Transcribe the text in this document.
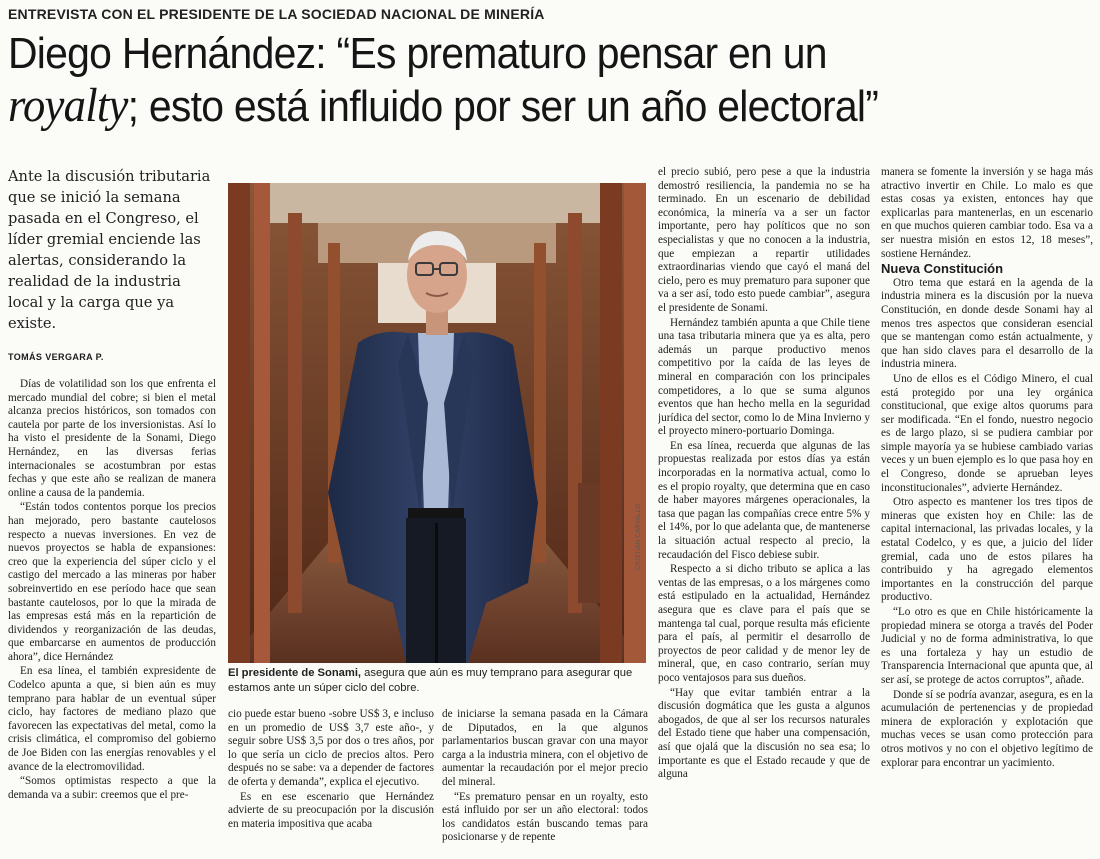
ENTREVISTA CON EL PRESIDENTE DE LA SOCIEDAD NACIONAL DE MINERÍA
Diego Hernández: “Es prematuro pensar en un
royalty; esto está influido por ser un año electoral”
Ante la discusión tributaria que se inició la semana pasada en el Congreso, el líder gremial enciende las alertas, considerando la realidad de la industria local y la carga que ya existe.
TOMÁS VERGARA P.

Días de volatilidad son los que enfrenta el mercado mundial del cobre; si bien el metal alcanza precios históricos, son tomados con cautela por parte de los inversionistas. Así lo ha visto el presidente de la Sonami, Diego Hernández, en las diversas ferias internacionales se acostumbran por estas fechas y que este año se realizan de manera online a causa de la pandemia.

“Están todos contentos porque los precios han mejorado, pero bastante cautelosos respecto a nuevas inversiones. En vez de nuevos proyectos se habla de expansiones: creo que la experiencia del súper ciclo y el castigo del mercado a las mineras por haber sobreinvertido en ese período hace que sean bastante cautelosos, por lo que la mirada de las empresas está más en la repartición de dividendos y reorganización de las deudas, que embarcarse en aumentos de producción ahora”, dice Hernández

En esa línea, el también expresidente de Codelco apunta a que, si bien aún es muy temprano para hablar de un eventual súper ciclo, hay factores de mediano plazo que favorecen las expectativas del metal, como la crisis climática, el compromiso del gobierno de Joe Biden con las energías renovables y el avance de la electromovilidad.

“Somos optimistas respecto a que la demanda va a subir: creemos que el pre-

cio puede estar bueno -sobre US$ 3, e incluso en un promedio de US$ 3,7 este año-, y seguir sobre US$ 3,5 por dos o tres años, por lo que sería un ciclo de precios altos. Pero después no se sabe: va a depender de factores de oferta y demanda”, explica el ejecutivo.

Es en ese escenario que Hernández advierte de su preocupación por la discusión en materia impositiva que acaba

de iniciarse la semana pasada en la Cámara de Diputados, en la que algunos parlamentarios buscan gravar con una mayor carga a la industria minera, con el objetivo de aumentar la recaudación por el mejor precio del mineral.

“Es prematuro pensar en un royalty, esto está influido por ser un año electoral: todos los candidatos están buscando temas para posicionarse y de repente

el precio subió, pero pese a que la industria demostró resiliencia, la pandemia no se ha terminado. En un escenario de debilidad económica, la minería va a ser un factor importante, pero hay políticos que no son especialistas y que no conocen a la industria, que empiezan a repartir utilidades extraordinarias viendo que cayó el maná del cielo, pero es muy prematuro para suponer que va a ser así, todo esto puede cambiar”, asegura el presidente de Sonami.

Hernández también apunta a que Chile tiene una tasa tributaria minera que ya es alta, pero además un parque productivo menos competitivo por la caída de las leyes de mineral en comparación con los principales competidores, a lo que se suma algunos eventos que han hecho mella en la seguridad jurídica del sector, como lo de Mina Invierno y el proyecto minero-portuario Dominga.

En esa línea, recuerda que algunas de las propuestas realizada por estos días ya están incorporadas en la normativa actual, como lo es el propio royalty, que determina que en caso de haber mayores márgenes operacionales, la tasa que pagan las compañías crece entre 5% y el 14%, por lo que adelanta que, de mantenerse la situación actual respecto al precio, la recaudación del Fisco debiese subir.

Respecto a si dicho tributo se aplica a las ventas de las empresas, o a los márgenes como está estipulado en la actualidad, Hernández asegura que es clave para el país que se mantenga tal cual, porque resulta más eficiente para el país, al permitir el desarrollo de proyectos de peor calidad y de menor ley de mineral, que, en caso contrario, serían muy poco ventajosos para sus dueños.

“Hay que evitar también entrar a la discusión dogmática que les gusta a algunos abogados, de que al ser los recursos naturales del Estado tiene que haber una compensación, así que ojalá que la discusión no sea esa; lo importante es que el Estado recaude y que de alguna

manera se fomente la inversión y se haga más atractivo invertir en Chile. Lo malo es que estas cosas ya existen, entonces hay que explicarlas para mantenerlas, en un escenario en que muchos quieren cambiar todo. Esa va a ser nuestra misión en estos 12, 18 meses”, sostiene Hernández.

Nueva Constitución

Otro tema que estará en la agenda de la industria minera es la discusión por la nueva Constitución, en donde desde Sonami hay al menos tres aspectos que consideran esencial que se mantengan como están actualmente, y que han sido claves para el desarrollo de la industria minera.

Uno de ellos es el Código Minero, el cual está protegido por una ley orgánica constitucional, que exige altos quorums para ser modificada. “En el fondo, nuestro negocio es de largo plazo, si se pudiera cambiar por simple mayoría ya se hubiese cambiado varias veces y un buen ejemplo es lo que pasa hoy en el Congreso, donde se aprueban leyes inconstitucionales”, advierte Hernández.

Otro aspecto es mantener los tres tipos de mineras que existen hoy en Chile: las de capital internacional, las privadas locales, y la estatal Codelco, y es que, a juicio del líder gremial, cada uno de estos pilares ha contribuido y ha agregado elementos importantes en la construcción del parque productivo.

“Lo otro es que en Chile históricamente la propiedad minera se otorga a través del Poder Judicial y no de forma administrativa, lo que es una fortaleza y hay un estudio de Transparencia Internacional que apunta que, al ser así, se protege de actos corruptos”, añade.

Donde sí se podría avanzar, asegura, es en la acumulación de pertenencias y de propiedad minera de exploración y explotación que muchas veces se usan como protección para otros motivos y no con el objetivo legítimo de explorar para encontrar un yacimiento.

CRISTIAN CARVALLO
El presidente de Sonami, asegura que aún es muy temprano para asegurar que estamos ante un súper ciclo del cobre.
